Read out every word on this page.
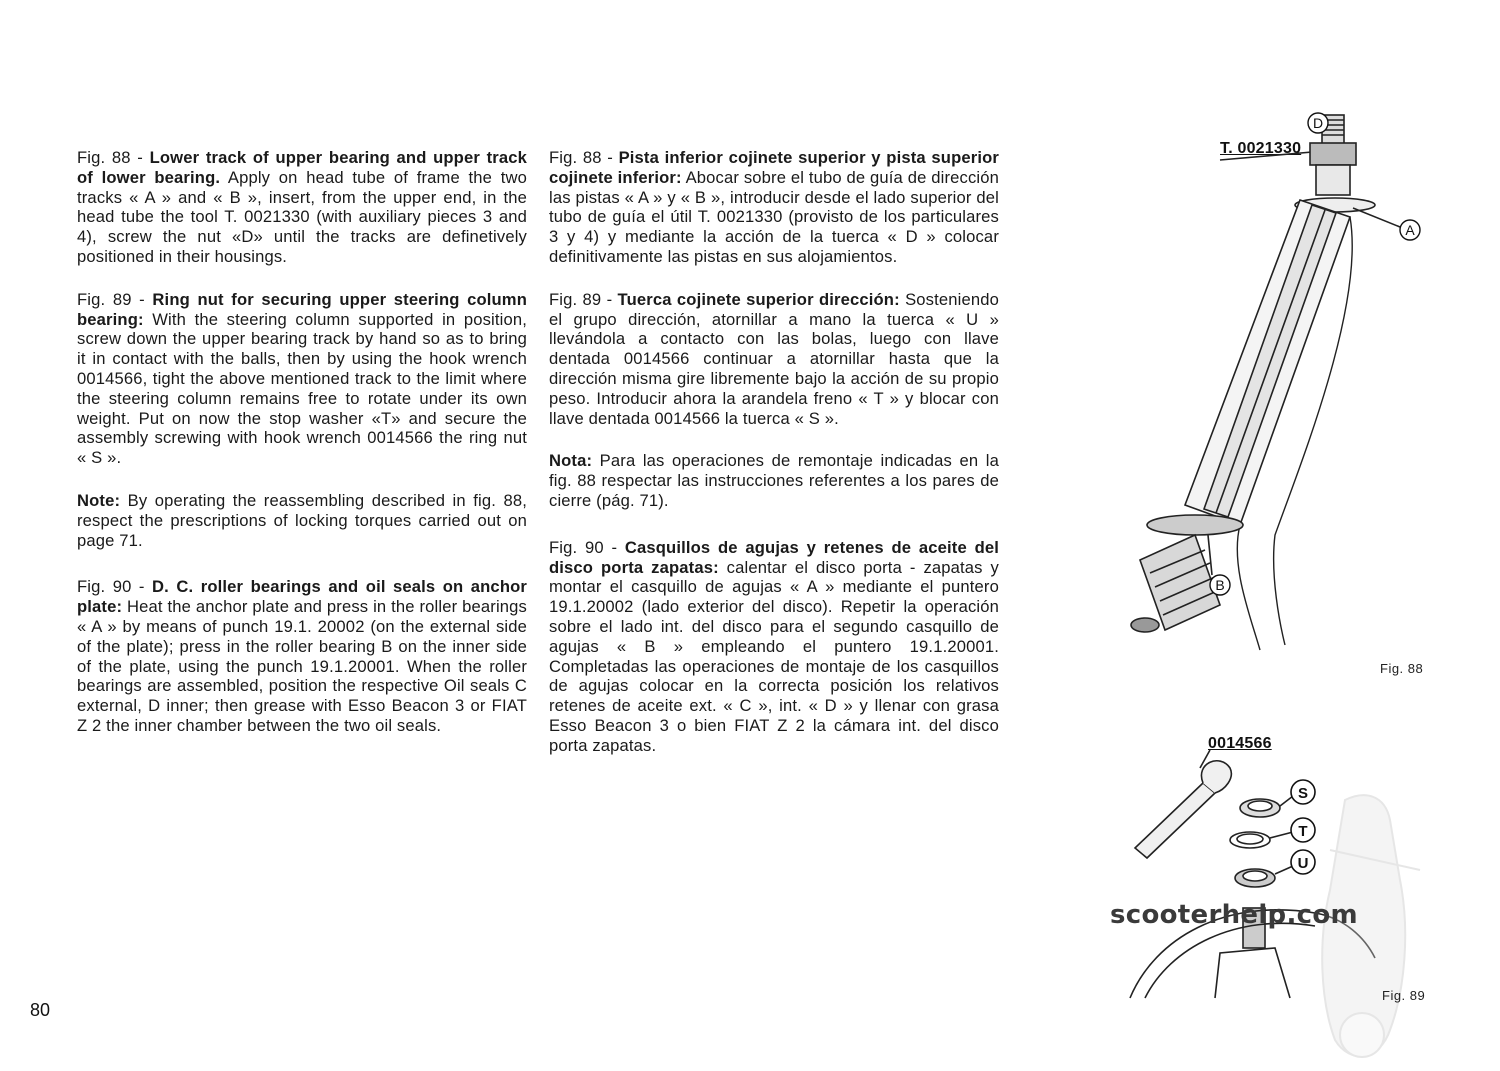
Fig. 88 - Lower track of upper bearing and upper track of lower bearing. Apply on head tube of frame the two tracks « A » and « B », insert, from the upper end, in the head tube the tool T. 0021330 (with auxiliary pieces 3 and 4), screw the nut «D» until the tracks are definetively positioned in their housings.

Fig. 89 - Ring nut for securing upper steering column bearing: With the steering column supported in position, screw down the upper bearing track by hand so as to bring it in contact with the balls, then by using the hook wrench 0014566, tight the above mentioned track to the limit where the steering column remains free to rotate under its own weight. Put on now the stop washer «T» and secure the assembly screwing with hook wrench 0014566 the ring nut « S ».

Note: By operating the reassembling described in fig. 88, respect the prescriptions of locking torques carried out on page 71.

Fig. 90 - D. C. roller bearings and oil seals on anchor plate: Heat the anchor plate and press in the roller bearings « A » by means of punch 19.1. 20002 (on the external side of the plate); press in the roller bearing B on the inner side of the plate, using the punch 19.1.20001. When the roller bearings are assembled, position the respective Oil seals C external, D inner; then grease with Esso Beacon 3 or FIAT Z 2 the inner chamber between the two oil seals.

Fig. 88 - Pista inferior cojinete superior y pista superior cojinete inferior: Abocar sobre el tubo de guía de dirección las pistas « A » y « B », introducir desde el lado superior del tubo de guía el útil T. 0021330 (provisto de los particulares 3 y 4) y mediante la acción de la tuerca « D » colocar definitivamente las pistas en sus alojamientos.

Fig. 89 - Tuerca cojinete superior dirección: Sosteniendo el grupo dirección, atornillar a mano la tuerca « U » llevándola a contacto con las bolas, luego con llave dentada 0014566 continuar a atornillar hasta que la dirección misma gire libremente bajo la acción de su propio peso. Introducir ahora la arandela freno « T » y blocar con llave dentada 0014566 la tuerca « S ».

Nota: Para las operaciones de remontaje indicadas en la fig. 88 respectar las instrucciones referentes a los pares de cierre (pág. 71).

Fig. 90 - Casquillos de agujas y retenes de aceite del disco porta zapatas: calentar el disco porta - zapatas y montar el casquillo de agujas « A » mediante el puntero 19.1.20002 (lado exterior del disco). Repetir la operación sobre el lado int. del disco para el segundo casquillo de agujas « B » empleando el puntero 19.1.20001. Completadas las operaciones de montaje de los casquillos de agujas colocar en la correcta posición los relativos retenes de aceite ext. « C », int. « D » y llenar con grasa Esso Beacon 3 o bien FIAT Z 2 la cámara int. del disco porta zapatas.

T. 0021330
D
A
B
Fig. 88
0014566
S
T
U
scooterhelp.com
Fig. 89
80
